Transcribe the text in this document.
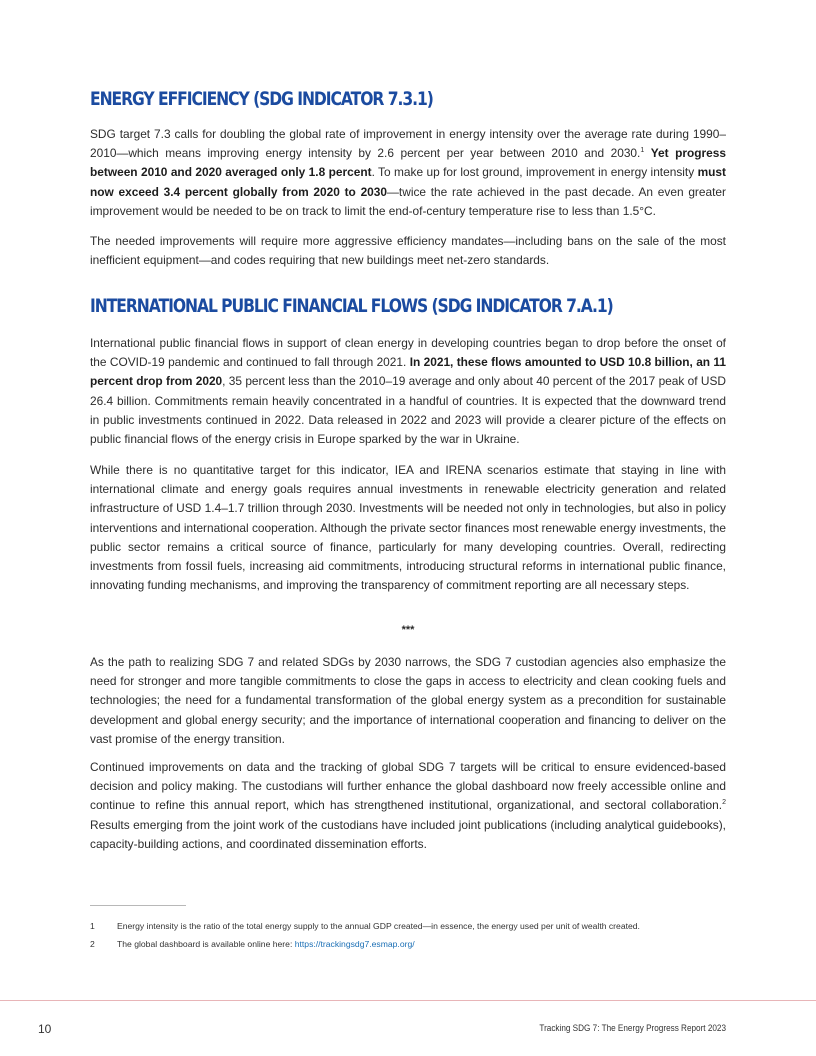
ENERGY EFFICIENCY (SDG INDICATOR 7.3.1)

SDG target 7.3 calls for doubling the global rate of improvement in energy intensity over the average rate during 1990–2010—which means improving energy intensity by 2.6 percent per year between 2010 and 2030.$^1$ Yet progress between 2010 and 2020 averaged only 1.8 percent. To make up for lost ground, improvement in energy intensity must now exceed 3.4 percent globally from 2020 to 2030—twice the rate achieved in the past decade. An even greater improvement would be needed to be on track to limit the end-of-century temperature rise to less than 1.5°C.

The needed improvements will require more aggressive efficiency mandates—including bans on the sale of the most inefficient equipment—and codes requiring that new buildings meet net-zero standards.

INTERNATIONAL PUBLIC FINANCIAL FLOWS (SDG INDICATOR 7.A.1)

International public financial flows in support of clean energy in developing countries began to drop before the onset of the COVID-19 pandemic and continued to fall through 2021. In 2021, these flows amounted to USD 10.8 billion, an 11 percent drop from 2020, 35 percent less than the 2010–19 average and only about 40 percent of the 2017 peak of USD 26.4 billion. Commitments remain heavily concentrated in a handful of countries. It is expected that the downward trend in public investments continued in 2022. Data released in 2022 and 2023 will provide a clearer picture of the effects on public financial flows of the energy crisis in Europe sparked by the war in Ukraine.

While there is no quantitative target for this indicator, IEA and IRENA scenarios estimate that staying in line with international climate and energy goals requires annual investments in renewable electricity generation and related infrastructure of USD 1.4–1.7 trillion through 2030. Investments will be needed not only in technologies, but also in policy interventions and international cooperation. Although the private sector finances most renewable energy investments, the public sector remains a critical source of finance, particularly for many developing countries. Overall, redirecting investments from fossil fuels, increasing aid commitments, introducing structural reforms in international public finance, innovating funding mechanisms, and improving the transparency of commitment reporting are all necessary steps.

***

As the path to realizing SDG 7 and related SDGs by 2030 narrows, the SDG 7 custodian agencies also emphasize the need for stronger and more tangible commitments to close the gaps in access to electricity and clean cooking fuels and technologies; the need for a fundamental transformation of the global energy system as a precondition for sustainable development and global energy security; and the importance of international cooperation and financing to deliver on the vast promise of the energy transition.

Continued improvements on data and the tracking of global SDG 7 targets will be critical to ensure evidenced-based decision and policy making. The custodians will further enhance the global dashboard now freely accessible online and continue to refine this annual report, which has strengthened institutional, organizational, and sectoral collaboration.$^2$ Results emerging from the joint work of the custodians have included joint publications (including analytical guidebooks), capacity-building actions, and coordinated dissemination efforts.

1	Energy intensity is the ratio of the total energy supply to the annual GDP created—in essence, the energy used per unit of wealth created.
2	The global dashboard is available online here: https://trackingsdg7.esmap.org/
10	Tracking SDG 7: The Energy Progress Report 2023
